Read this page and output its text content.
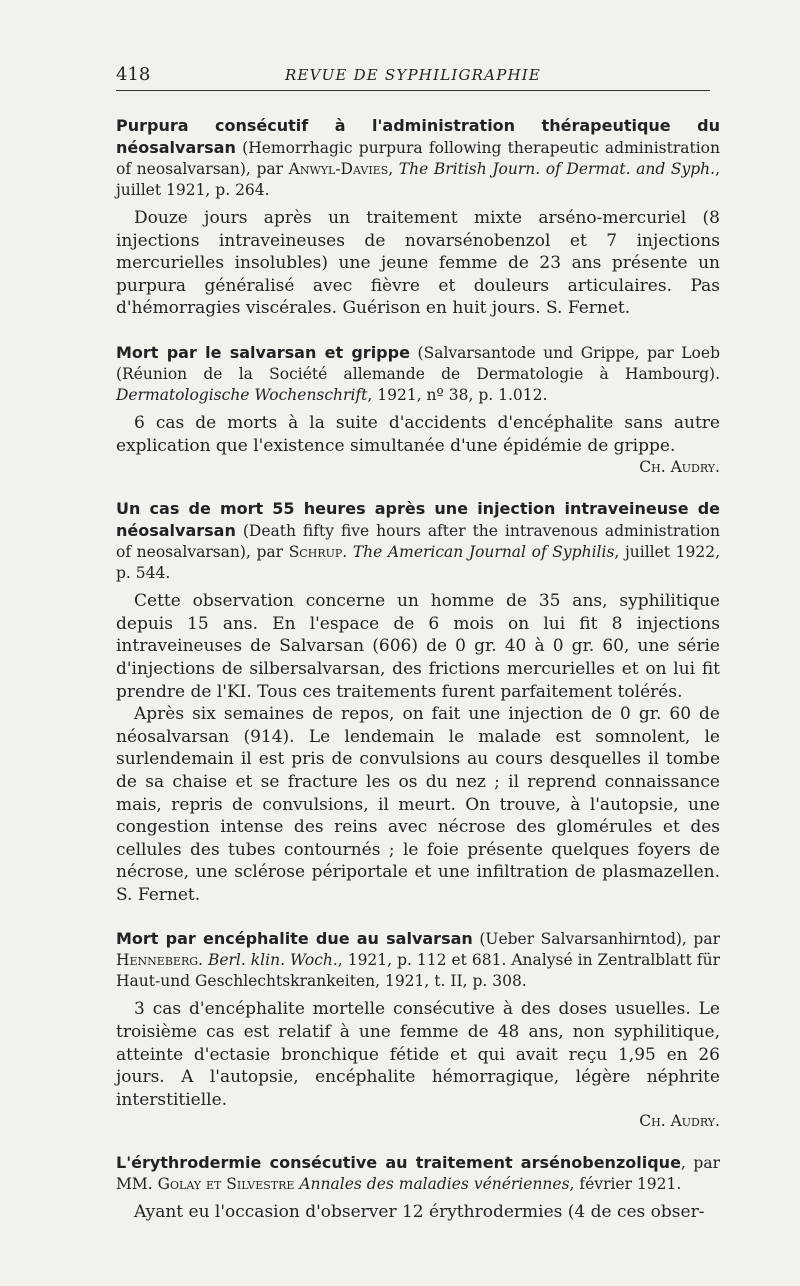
418	REVUE DE SYPHILIGRAPHIE

Purpura consécutif à l'administration thérapeutique du néosalvarsan (Hemorrhagic purpura following therapeutic administration of neosalvarsan), par Anwyl-Davies, The British Journ. of Dermat. and Syph., juillet 1921, p. 264.

Douze jours après un traitement mixte arséno-mercuriel (8 injections intraveineuses de novarsénobenzol et 7 injections mercurielles insolubles) une jeune femme de 23 ans présente un purpura généralisé avec fièvre et douleurs articulaires. Pas d'hémorragies viscérales. Guérison en huit jours. S. Fernet.

Mort par le salvarsan et grippe (Salvarsantode und Grippe, par Loeb (Réunion de la Société allemande de Dermatologie à Hambourg). Dermatologische Wochenschrift, 1921, nº 38, p. 1.012.

6 cas de morts à la suite d'accidents d'encéphalite sans autre explication que l'existence simultanée d'une épidémie de grippe.

Ch. Audry.

Un cas de mort 55 heures après une injection intraveineuse de néosalvarsan (Death fifty five hours after the intravenous administration of neosalvarsan), par Schrup. The American Journal of Syphilis, juillet 1922, p. 544.

Cette observation concerne un homme de 35 ans, syphilitique depuis 15 ans. En l'espace de 6 mois on lui fit 8 injections intraveineuses de Salvarsan (606) de 0 gr. 40 à 0 gr. 60, une série d'injections de silbersalvarsan, des frictions mercurielles et on lui fit prendre de l'KI. Tous ces traitements furent parfaitement tolérés.

Après six semaines de repos, on fait une injection de 0 gr. 60 de néosalvarsan (914). Le lendemain le malade est somnolent, le surlendemain il est pris de convulsions au cours desquelles il tombe de sa chaise et se fracture les os du nez ; il reprend connaissance mais, repris de convulsions, il meurt. On trouve, à l'autopsie, une congestion intense des reins avec nécrose des glomérules et des cellules des tubes contournés ; le foie présente quelques foyers de nécrose, une sclérose périportale et une infiltration de plasmazellen. S. Fernet.

Mort par encéphalite due au salvarsan (Ueber Salvarsanhirntod), par Henneberg. Berl. klin. Woch., 1921, p. 112 et 681. Analysé in Zentralblatt für Haut-und Geschlechtskrankeiten, 1921, t. II, p. 308.

3 cas d'encéphalite mortelle consécutive à des doses usuelles. Le troisième cas est relatif à une femme de 48 ans, non syphilitique, atteinte d'ectasie bronchique fétide et qui avait reçu 1,95 en 26 jours. A l'autopsie, encéphalite hémorragique, légère néphrite interstitielle.

Ch. Audry.

L'érythrodermie consécutive au traitement arsénobenzolique, par MM. Golay et Silvestre Annales des maladies vénériennes, février 1921.

Ayant eu l'occasion d'observer 12 érythrodermies (4 de ces obser-
